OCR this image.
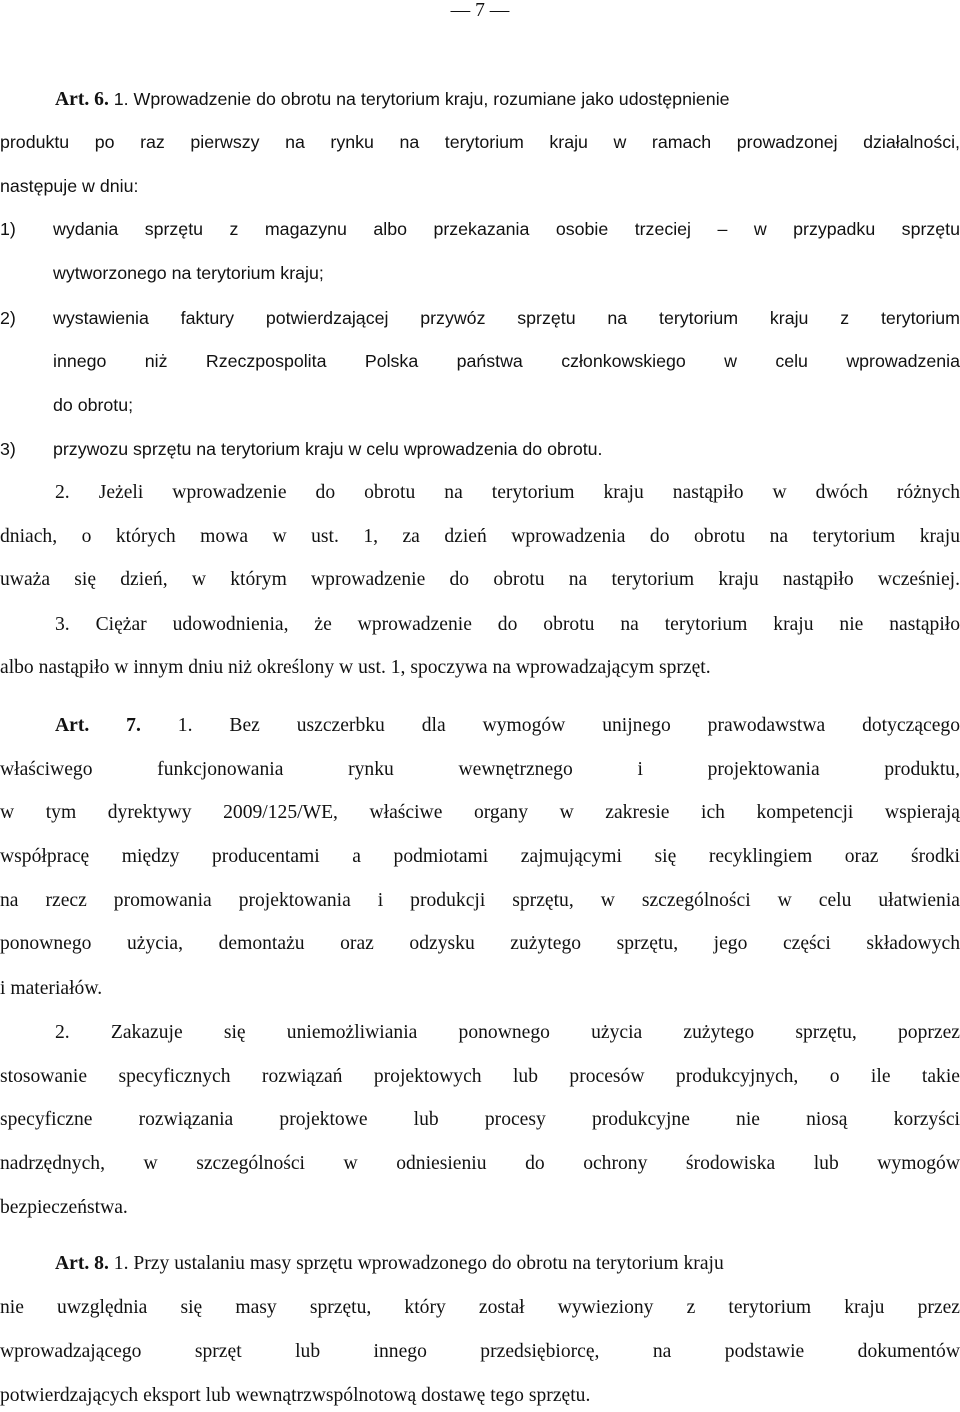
— 7 —
Art. 6. 1. Wprowadzenie do obrotu na terytorium kraju, rozumiane jako udostępnienie
produktu po raz pierwszy na rynku na terytorium kraju w ramach prowadzonej działalności,
następuje w dniu:
1)	wydania sprzętu z magazynu albo przekazania osobie trzeciej – w przypadku sprzętu
wytworzonego na terytorium kraju;
2)	wystawienia faktury potwierdzającej przywóz sprzętu na terytorium kraju z terytorium
innego niż Rzeczpospolita Polska państwa członkowskiego w celu wprowadzenia
do obrotu;
3)	przywozu sprzętu na terytorium kraju w celu wprowadzenia do obrotu.
2. Jeżeli wprowadzenie do obrotu na terytorium kraju nastąpiło w dwóch różnych
dniach, o których mowa w ust. 1, za dzień wprowadzenia do obrotu na terytorium kraju
uważa się dzień, w którym wprowadzenie do obrotu na terytorium kraju nastąpiło wcześniej.
3. Ciężar udowodnienia, że wprowadzenie do obrotu na terytorium kraju nie nastąpiło
albo nastąpiło w innym dniu niż określony w ust. 1, spoczywa na wprowadzającym sprzęt.
Art. 7. 1. Bez uszczerbku dla wymogów unijnego prawodawstwa dotyczącego
właściwego funkcjonowania rynku wewnętrznego i projektowania produktu,
w tym dyrektywy 2009/125/WE, właściwe organy w zakresie ich kompetencji wspierają
współpracę między producentami a podmiotami zajmującymi się recyklingiem oraz środki
na rzecz promowania projektowania i produkcji sprzętu, w szczególności w celu ułatwienia
ponownego użycia, demontażu oraz odzysku zużytego sprzętu, jego części składowych
i materiałów.
2. Zakazuje się uniemożliwiania ponownego użycia zużytego sprzętu, poprzez
stosowanie specyficznych rozwiązań projektowych lub procesów produkcyjnych, o ile takie
specyficzne rozwiązania projektowe lub procesy produkcyjne nie niosą korzyści
nadrzędnych, w szczególności w odniesieniu do ochrony środowiska lub wymogów
bezpieczeństwa.
Art. 8. 1. Przy ustalaniu masy sprzętu wprowadzonego do obrotu na terytorium kraju
nie uwzględnia się masy sprzętu, który został wywieziony z terytorium kraju przez
wprowadzającego sprzęt lub innego przedsiębiorcę, na podstawie dokumentów
potwierdzających eksport lub wewnątrzwspólnotową dostawę tego sprzętu.
